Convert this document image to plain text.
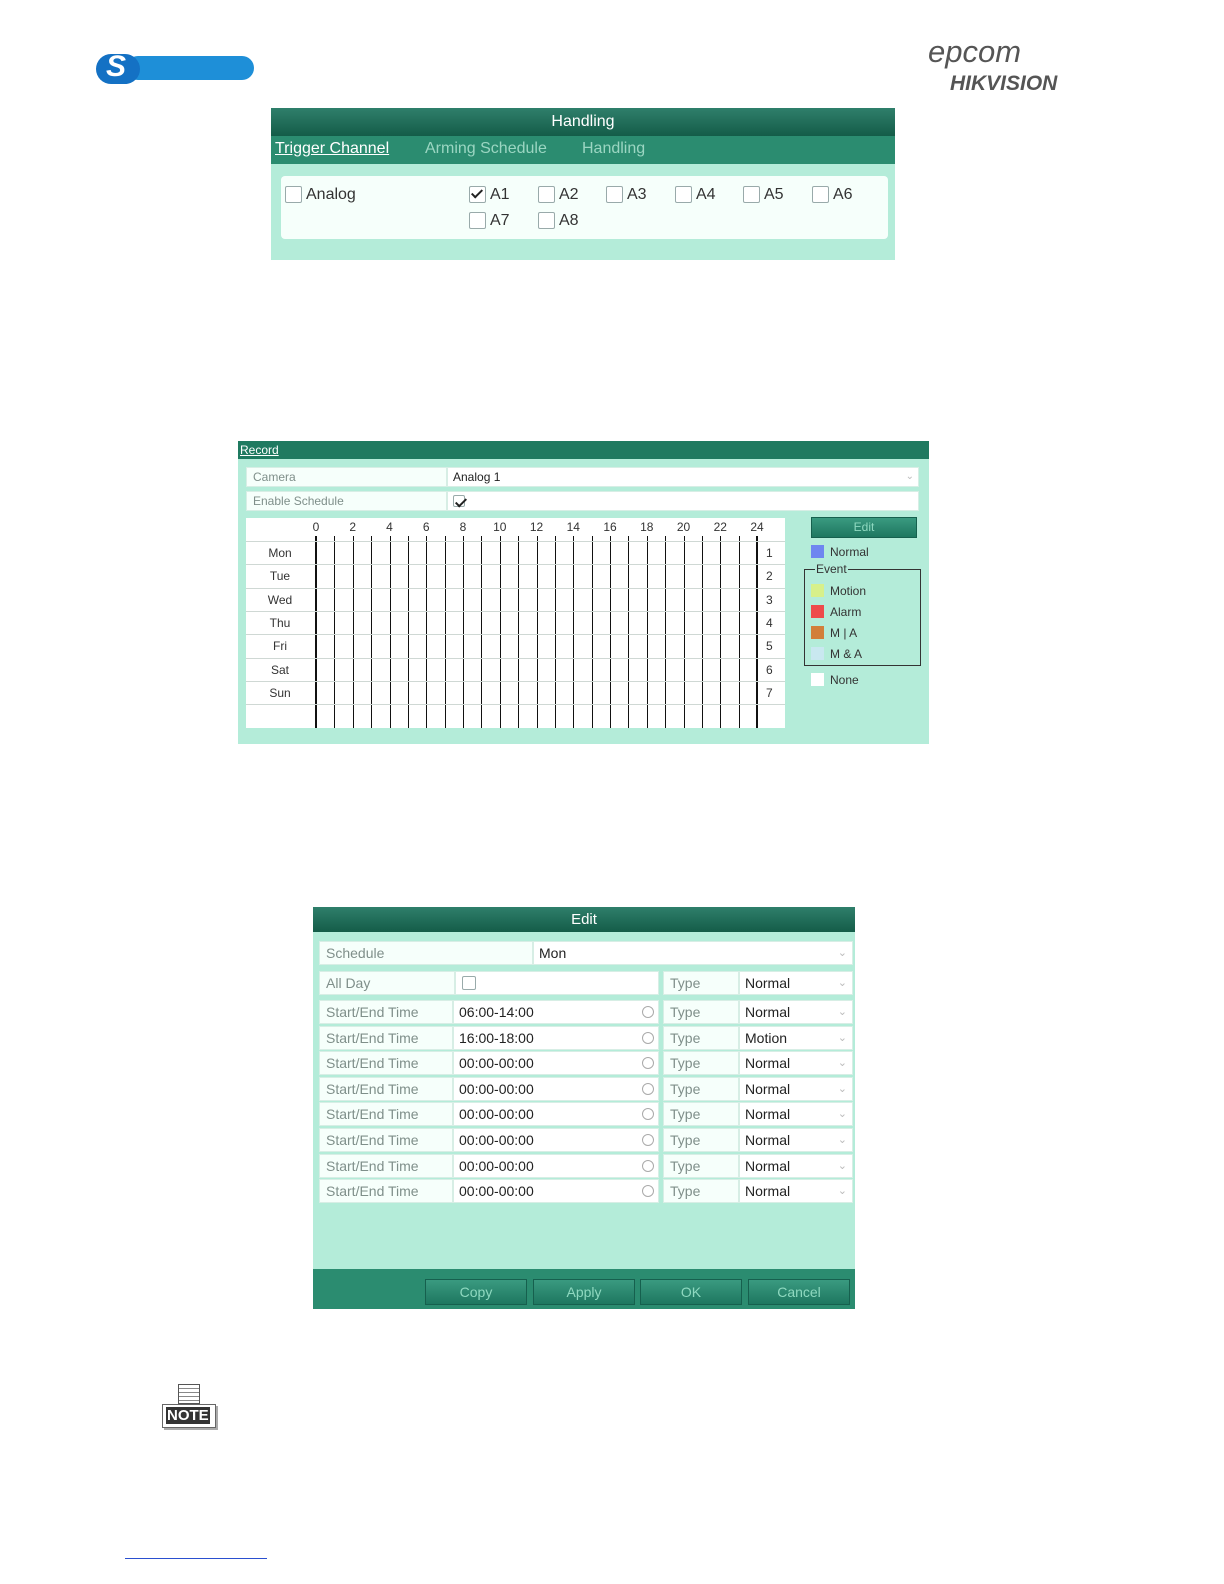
S	epcom
HIKVISION
Handling
Trigger Channel Arming Schedule Handling
Analog	A1	A2	A3	A4	A5	A6
A7	A8
Record
Camera	Analog 1	⌄
Enable Schedule
0	2	4	6	8 10 12 14 16 18 20 22 24
Mon	1
Tue	2
Wed	3
Thu	4
Fri	5
Sat	6
Sun	7
Edit
Normal
Event
Motion
Alarm
M | A
M & A
None
Edit
Schedule	Mon	⌄
All Day	Type	Normal	⌄
Start/End Time	06:00-14:00	Type	Normal	⌄
Start/End Time	16:00-18:00	Type	Motion	⌄
Start/End Time	00:00-00:00	Type	Normal	⌄
Start/End Time	00:00-00:00	Type	Normal	⌄
Start/End Time	00:00-00:00	Type	Normal	⌄
Start/End Time	00:00-00:00	Type	Normal	⌄
Start/End Time	00:00-00:00	Type	Normal	⌄
Start/End Time	00:00-00:00	Type	Normal	⌄
Copy	Apply	OK	Cancel
NOTE
